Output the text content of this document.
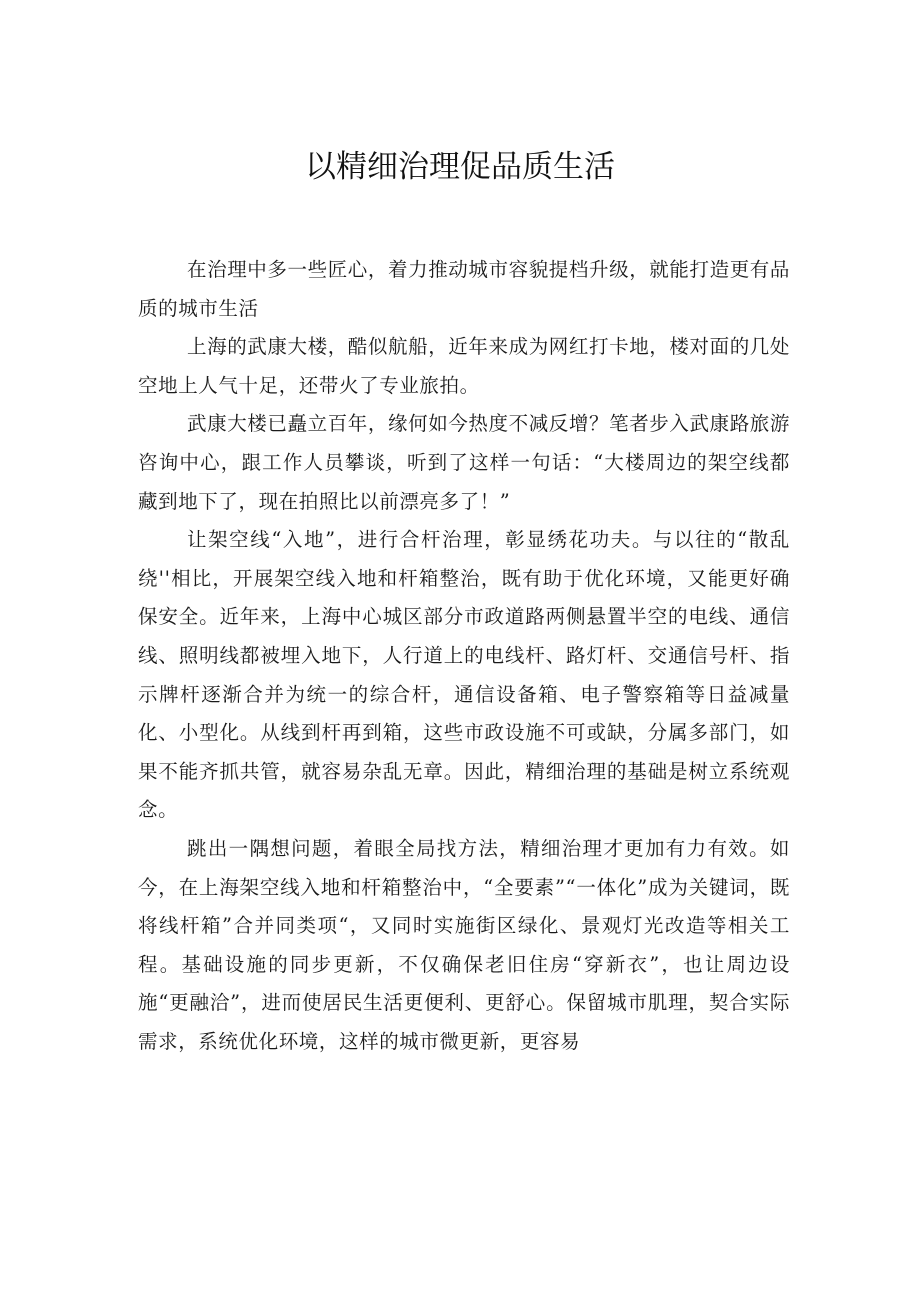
以精细治理促品质生活

在治理中多一些匠心，着力推动城市容貌提档升级，就能打造更有品质的城市生活

上海的武康大楼，酷似航船，近年来成为网红打卡地，楼对面的几处空地上人气十足，还带火了专业旅拍。

武康大楼已矗立百年，缘何如今热度不减反增？笔者步入武康路旅游咨询中心，跟工作人员攀谈，听到了这样一句话：“大楼周边的架空线都藏到地下了，现在拍照比以前漂亮多了！”

让架空线“入地”，进行合杆治理，彰显绣花功夫。与以往的“散乱绕''相比，开展架空线入地和杆箱整治，既有助于优化环境，又能更好确保安全。近年来，上海中心城区部分市政道路两侧悬置半空的电线、通信线、照明线都被埋入地下，人行道上的电线杆、路灯杆、交通信号杆、指示牌杆逐渐合并为统一的综合杆，通信设备箱、电子警察箱等日益减量化、小型化。从线到杆再到箱，这些市政设施不可或缺，分属多部门，如果不能齐抓共管，就容易杂乱无章。因此，精细治理的基础是树立系统观念。

跳出一隅想问题，着眼全局找方法，精细治理才更加有力有效。如今，在上海架空线入地和杆箱整治中，“全要素”“一体化”成为关键词，既将线杆箱”合并同类项“，又同时实施街区绿化、景观灯光改造等相关工程。基础设施的同步更新，不仅确保老旧住房“穿新衣”，也让周边设施“更融洽”，进而使居民生活更便利、更舒心。保留城市肌理，契合实际需求，系统优化环境，这样的城市微更新，更容易
